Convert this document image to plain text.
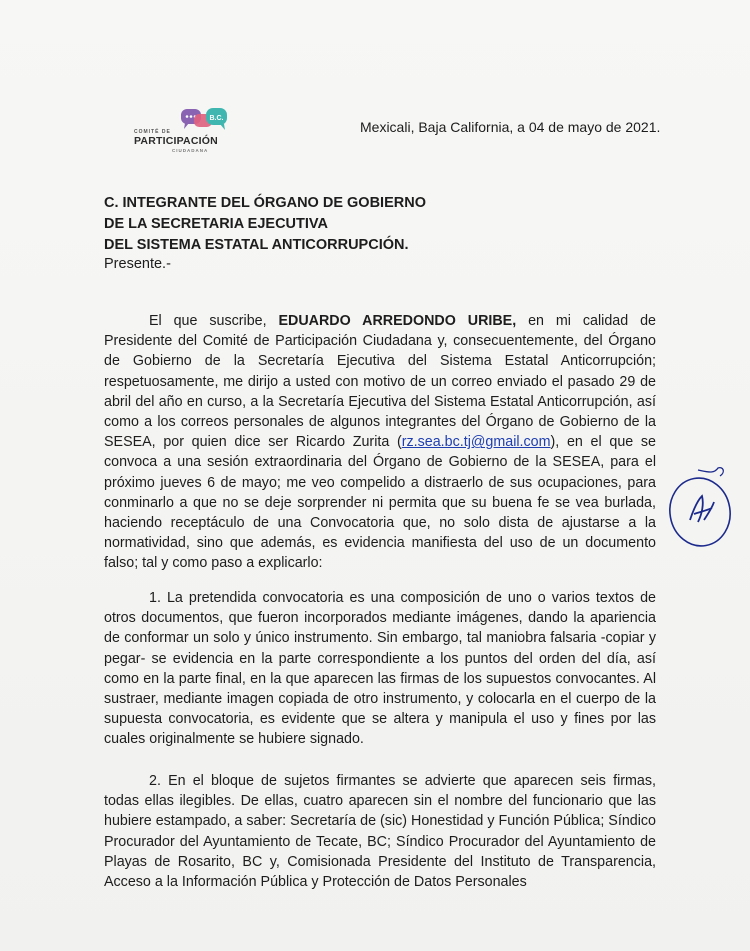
B.C.
COMITÉ DE
PARTICIPACIÓN
CIUDADANA
Mexicali, Baja California, a 04 de mayo de 2021.
C. INTEGRANTE DEL ÓRGANO DE GOBIERNO
DE LA SECRETARIA EJECUTIVA
DEL SISTEMA ESTATAL ANTICORRUPCIÓN.
Presente.-

El que suscribe, EDUARDO ARREDONDO URIBE, en mi calidad de Presidente del Comité de Participación Ciudadana y, consecuentemente, del Órgano de Gobierno de la Secretaría Ejecutiva del Sistema Estatal Anticorrupción; respetuosamente, me dirijo a usted con motivo de un correo enviado el pasado 29 de abril del año en curso, a la Secretaría Ejecutiva del Sistema Estatal Anticorrupción, así como a los correos personales de algunos integrantes del Órgano de Gobierno de la SESEA, por quien dice ser Ricardo Zurita (rz.sea.bc.tj@gmail.com), en el que se convoca a una sesión extraordinaria del Órgano de Gobierno de la SESEA, para el próximo jueves 6 de mayo; me veo compelido a distraerlo de sus ocupaciones, para conminarlo a que no se deje sorprender ni permita que su buena fe se vea burlada, haciendo receptáculo de una Convocatoria que, no solo dista de ajustarse a la normatividad, sino que además, es evidencia manifiesta del uso de un documento falso; tal y como paso a explicarlo:

1. La pretendida convocatoria es una composición de uno o varios textos de otros documentos, que fueron incorporados mediante imágenes, dando la apariencia de conformar un solo y único instrumento. Sin embargo, tal maniobra falsaria -copiar y pegar- se evidencia en la parte correspondiente a los puntos del orden del día, así como en la parte final, en la que aparecen las firmas de los supuestos convocantes. Al sustraer, mediante imagen copiada de otro instrumento, y colocarla en el cuerpo de la supuesta convocatoria, es evidente que se altera y manipula el uso y fines por las cuales originalmente se hubiere signado.

2. En el bloque de sujetos firmantes se advierte que aparecen seis firmas, todas ellas ilegibles. De ellas, cuatro aparecen sin el nombre del funcionario que las hubiere estampado, a saber: Secretaría de (sic) Honestidad y Función Pública; Síndico Procurador del Ayuntamiento de Tecate, BC; Síndico Procurador del Ayuntamiento de Playas de Rosarito, BC y, Comisionada Presidente del Instituto de Transparencia, Acceso a la Información Pública y Protección de Datos Personales
